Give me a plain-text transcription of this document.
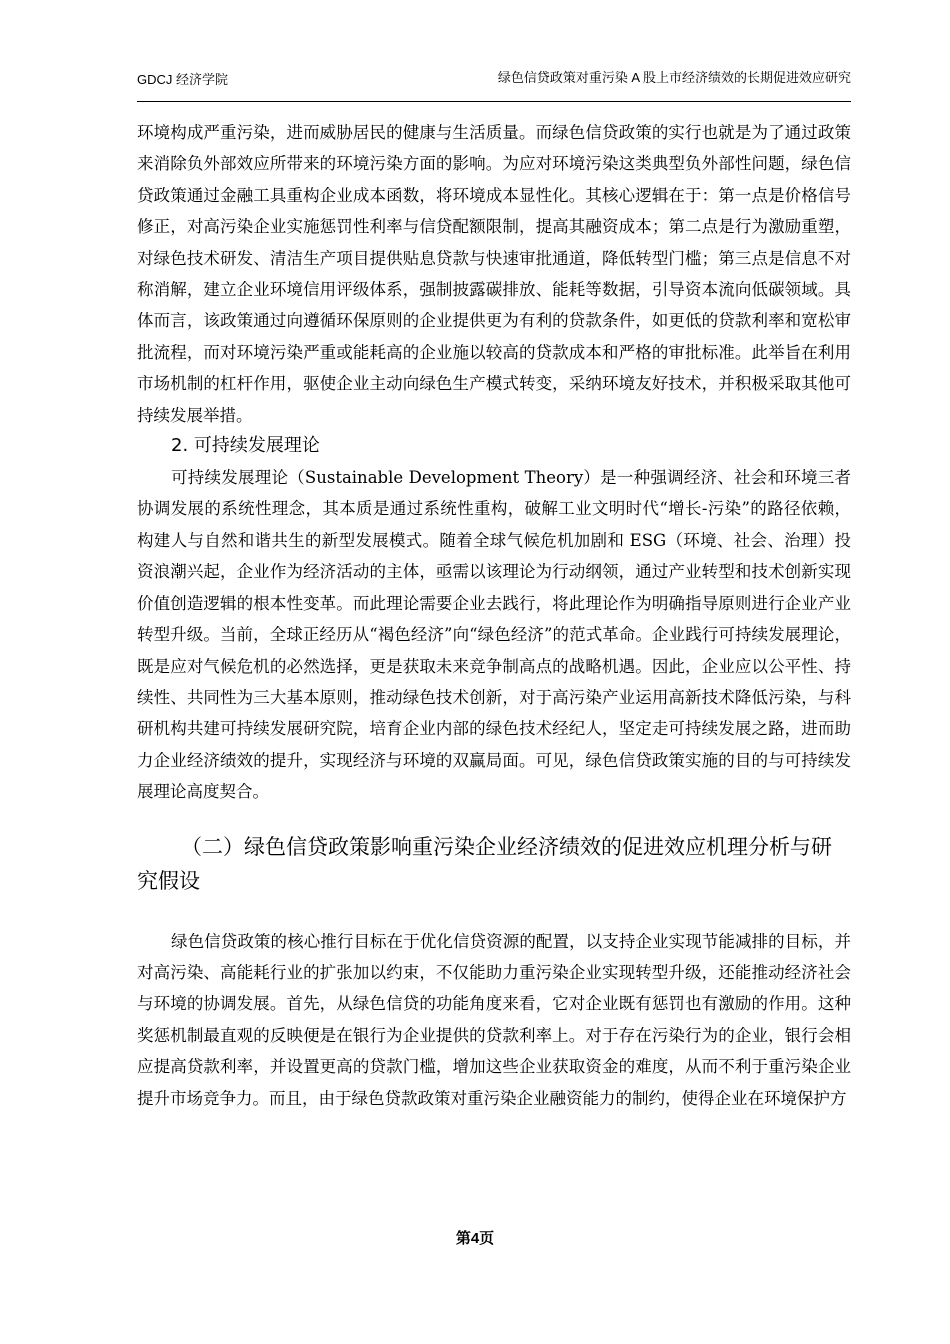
GDCJ 经济学院	绿色信贷政策对重污染 A 股上市经济绩效的长期促进效应研究

环境构成严重污染，进而威胁居民的健康与生活质量。而绿色信贷政策的实行也就是为了通过政策来消除负外部效应所带来的环境污染方面的影响。为应对环境污染这类典型负外部性问题，绿色信贷政策通过金融工具重构企业成本函数，将环境成本显性化。其核心逻辑在于：第一点是价格信号修正，对高污染企业实施惩罚性利率与信贷配额限制，提高其融资成本；第二点是行为激励重塑，对绿色技术研发、清洁生产项目提供贴息贷款与快速审批通道，降低转型门槛；第三点是信息不对称消解，建立企业环境信用评级体系，强制披露碳排放、能耗等数据，引导资本流向低碳领域。具体而言，该政策通过向遵循环保原则的企业提供更为有利的贷款条件，如更低的贷款利率和宽松审批流程，而对环境污染严重或能耗高的企业施以较高的贷款成本和严格的审批标准。此举旨在利用市场机制的杠杆作用，驱使企业主动向绿色生产模式转变，采纳环境友好技术，并积极采取其他可持续发展举措。

2. 可持续发展理论

可持续发展理论（Sustainable Development Theory）是一种强调经济、社会和环境三者协调发展的系统性理念，其本质是通过系统性重构，破解工业文明时代“增长-污染”的路径依赖，构建人与自然和谐共生的新型发展模式。随着全球气候危机加剧和 ESG（环境、社会、治理）投资浪潮兴起，企业作为经济活动的主体，亟需以该理论为行动纲领，通过产业转型和技术创新实现价值创造逻辑的根本性变革。而此理论需要企业去践行，将此理论作为明确指导原则进行企业产业转型升级。当前，全球正经历从“褐色经济”向“绿色经济”的范式革命。企业践行可持续发展理论，既是应对气候危机的必然选择，更是获取未来竞争制高点的战略机遇。因此，企业应以公平性、持续性、共同性为三大基本原则，推动绿色技术创新，对于高污染产业运用高新技术降低污染，与科研机构共建可持续发展研究院，培育企业内部的绿色技术经纪人，坚定走可持续发展之路，进而助力企业经济绩效的提升，实现经济与环境的双赢局面。可见，绿色信贷政策实施的目的与可持续发展理论高度契合。

（二）绿色信贷政策影响重污染企业经济绩效的促进效应机理分析与研究假设

绿色信贷政策的核心推行目标在于优化信贷资源的配置，以支持企业实现节能减排的目标，并对高污染、高能耗行业的扩张加以约束，不仅能助力重污染企业实现转型升级，还能推动经济社会与环境的协调发展。首先，从绿色信贷的功能角度来看，它对企业既有惩罚也有激励的作用。这种奖惩机制最直观的反映便是在银行为企业提供的贷款利率上。对于存在污染行为的企业，银行会相应提高贷款利率，并设置更高的贷款门槛，增加这些企业获取资金的难度，从而不利于重污染企业提升市场竞争力。而且，由于绿色贷款政策对重污染企业融资能力的制约，使得企业在环境保护方

第4页
